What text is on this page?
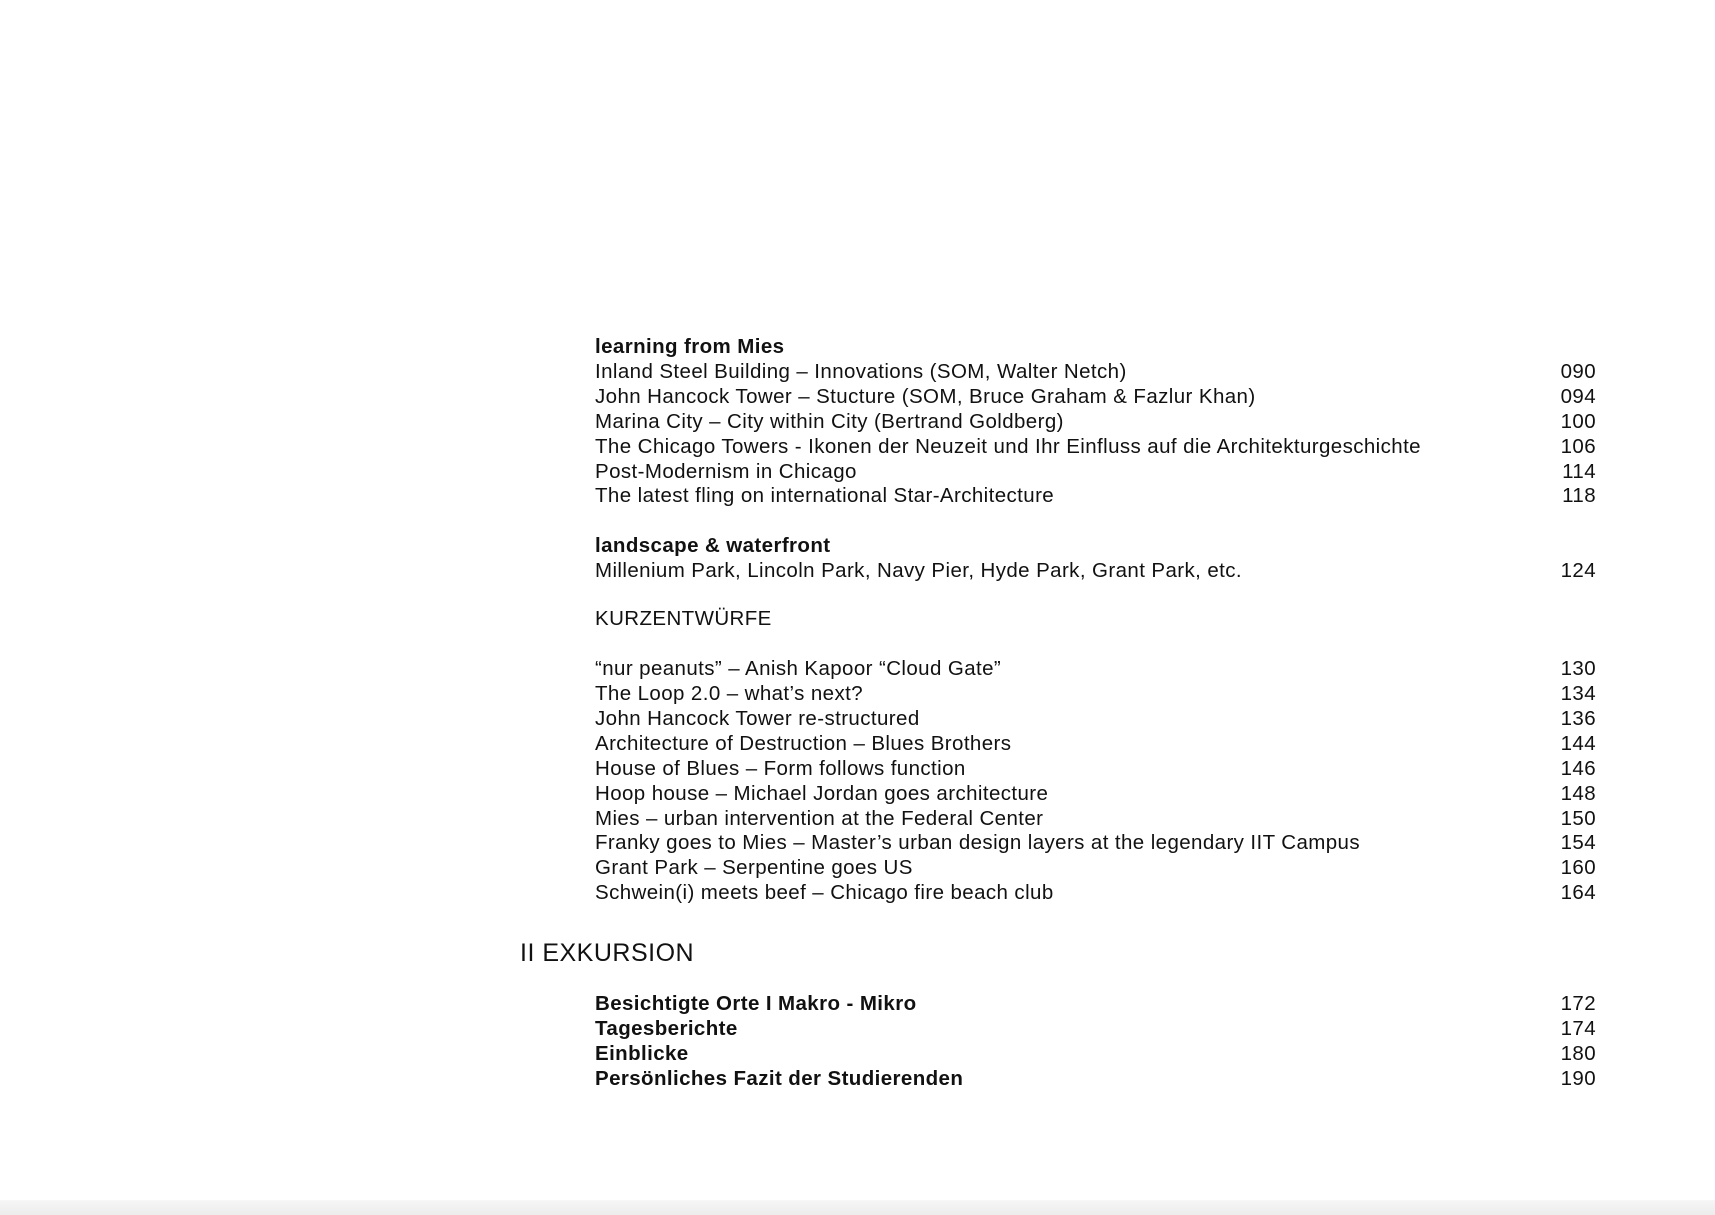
learning from Mies
Inland Steel Building – Innovations (SOM, Walter Netch)	090
John Hancock Tower – Stucture (SOM, Bruce Graham & Fazlur Khan)	094
Marina City – City within City (Bertrand Goldberg)	100
The Chicago Towers - Ikonen der Neuzeit und Ihr Einfluss auf die Architekturgeschichte	106
Post-Modernism in Chicago	114
The latest fling on international Star-Architecture	118
landscape & waterfront
Millenium Park, Lincoln Park, Navy Pier, Hyde Park, Grant Park, etc.	124
KURZENTWÜRFE
“nur peanuts” – Anish Kapoor “Cloud Gate”	130
The Loop 2.0 – what’s next?	134
John Hancock Tower re-structured	136
Architecture of Destruction – Blues Brothers	144
House of Blues – Form follows function	146
Hoop house – Michael Jordan goes architecture	148
Mies – urban intervention at the Federal Center	150
Franky goes to Mies – Master’s urban design layers at the legendary IIT Campus	154
Grant Park – Serpentine goes US	160
Schwein(i) meets beef – Chicago fire beach club	164
II EXKURSION
Besichtigte Orte I Makro - Mikro	172
Tagesberichte	174
Einblicke	180
Persönliches Fazit der Studierenden	190
